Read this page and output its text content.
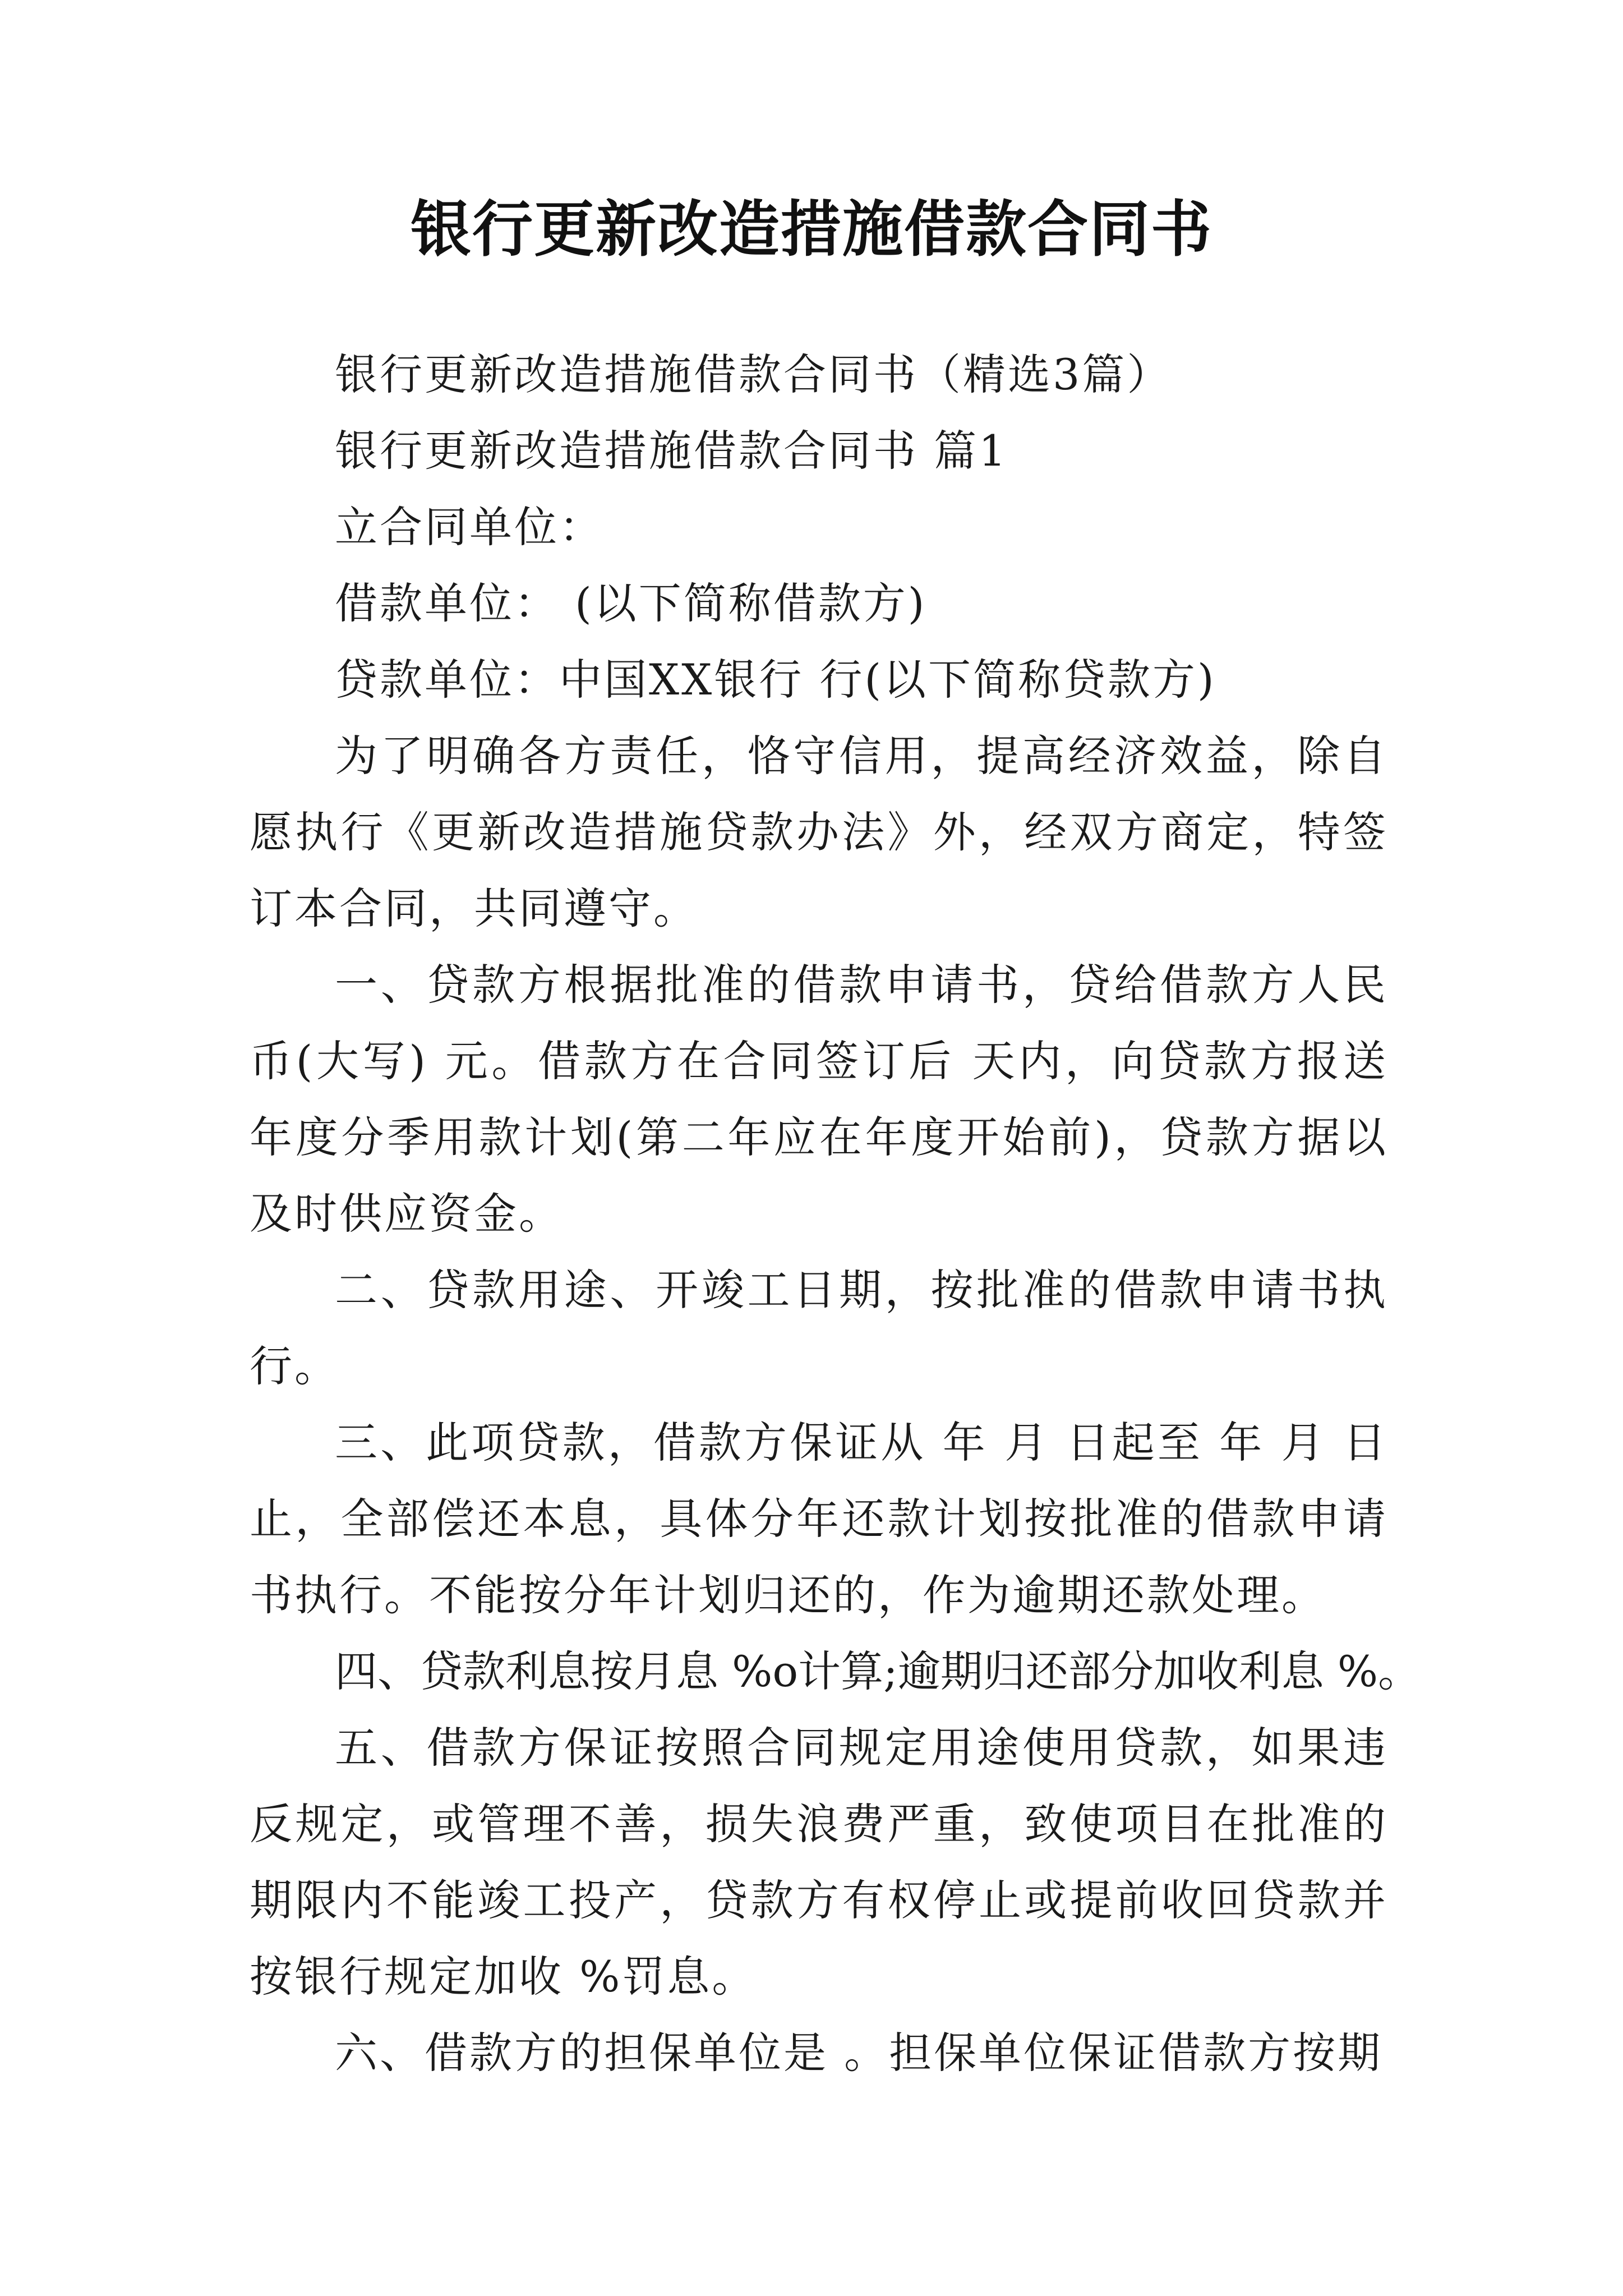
银行更新改造措施借款合同书

银行更新改造措施借款合同书（精选3篇）

银行更新改造措施借款合同书 篇1

立合同单位：

借款单位： (以下简称借款方)

贷款单位：中国XX银行 行(以下简称贷款方)

为了明确各方责任，恪守信用，提高经济效益，除自愿执行《更新改造措施贷款办法》外，经双方商定，特签订本合同，共同遵守。

一、贷款方根据批准的借款申请书，贷给借款方人民币(大写) 元。借款方在合同签订后 天内，向贷款方报送年度分季用款计划(第二年应在年度开始前)，贷款方据以及时供应资金。

二、贷款用途、开竣工日期，按批准的借款申请书执行。

三、此项贷款，借款方保证从 年 月 日起至 年 月 日止，全部偿还本息，具体分年还款计划按批准的借款申请书执行。不能按分年计划归还的，作为逾期还款处理。

四、贷款利息按月息 %o计算;逾期归还部分加收利息 %。

五、借款方保证按照合同规定用途使用贷款，如果违反规定，或管理不善，损失浪费严重，致使项目在批准的期限内不能竣工投产，贷款方有权停止或提前收回贷款并按银行规定加收 %罚息。

六、借款方的担保单位是 。担保单位保证借款方按期
